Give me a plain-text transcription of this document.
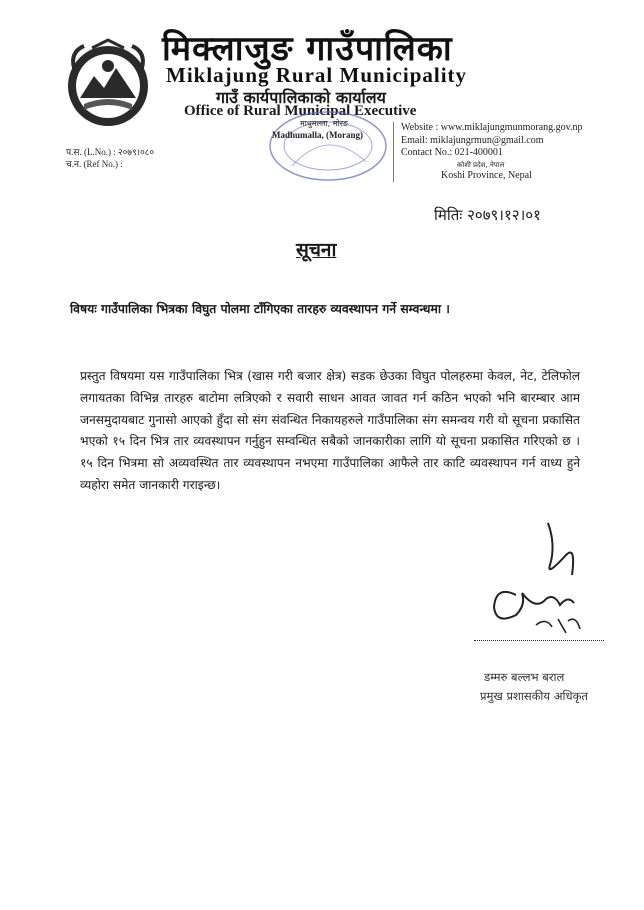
मिक्लाजुङ गाउँपालिका
Miklajung Rural Municipality
गाउँ कार्यपालिकाको कार्यालय
Office of Rural Municipal Executive
माधुमल्ला, मोरङ
Madhumalla, (Morang)
Website : www.miklajungmunmorang.gov.np
Email: miklajungrmun@gmail.com
Contact No.: 021-400001
कोशी प्रदेश, नेपाल
Koshi Province, Nepal
प.स. (L.No.) : २०७९।०८०
च.न. (Ref No.) :
मितिः २०७९।१२।०१
सूचना
विषयः गाउँपालिका भित्रका विघुत पोलमा टाँगिएका तारहरु व्यवस्थापन गर्ने सम्वन्धमा ।
प्रस्तुत विषयमा यस गाउँपालिका भित्र (खास गरी बजार क्षेत्र) सडक छेउका विघुत पोलहरुमा केवल, नेट, टेलिफोल लगायतका विभिन्न तारहरु बाटोमा लत्रिएको र सवारी साधन आवत जावत गर्न कठिन भएको भनि बारम्बार आम जनसमुदायबाट गुनासो आएको हुँदा सो संग संवन्धित निकायहरुले गाउँपालिका संग समन्वय गरी यो सूचना प्रकासित भएको १५ दिन भित्र तार व्यवस्थापन गर्नुहुन सम्वन्धित सबैको जानकारीका लागि यो सूचना प्रकासित गरिएको छ । १५ दिन भित्रमा सो अव्यवस्थित तार व्यवस्थापन नभएमा गाउँपालिका आफैले तार काटि व्यवस्थापन गर्न वाध्य हुने व्यहोरा समेत जानकारी गराइन्छ।
डम्मरु बल्लभ बराल
प्रमुख प्रशासकीय अधिकृत
